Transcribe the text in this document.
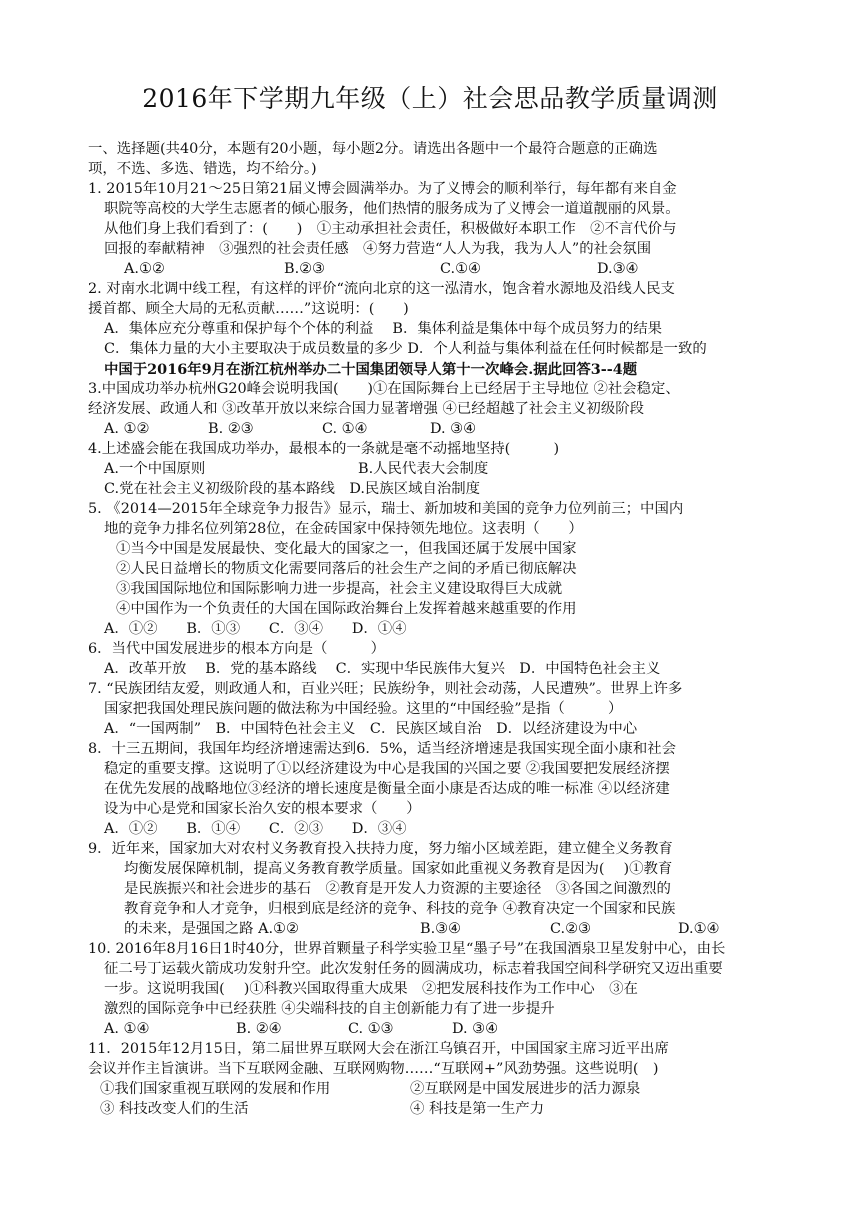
2016年下学期九年级（上）社会思品教学质量调测
一、选择题(共40分，本题有20小题，每小题2分。请选出各题中一个最符合题意的正确选
项，不选、多选、错选，均不给分。)
1. 2015年10月21～25日第21届义博会圆满举办。为了义博会的顺利举行，每年都有来自金
职院等高校的大学生志愿者的倾心服务，他们热情的服务成为了义博会一道道靓丽的风景。
从他们身上我们看到了：(　　)　①主动承担社会责任，积极做好本职工作　②不言代价与
回报的奉献精神　③强烈的社会责任感　④努力营造“人人为我，我为人人”的社会氛围
A.①②	B.②③	C.①④	D.③④
2. 对南水北调中线工程，有这样的评价“流向北京的这一泓清水，饱含着水源地及沿线人民支
援首都、顾全大局的无私贡献……”这说明：(　　)
A．集体应充分尊重和保护每个个体的利益　 B．集体利益是集体中每个成员努力的结果
C．集体力量的大小主要取决于成员数量的多少 D．个人利益与集体利益在任何时候都是一致的
中国于2016年9月在浙江杭州举办二十国集团领导人第十一次峰会.据此回答3--4题
3.中国成功举办杭州G20峰会说明我国(　　)①在国际舞台上已经居于主导地位 ②社会稳定、
经济发展、政通人和 ③改革开放以来综合国力显著增强 ④已经超越了社会主义初级阶段
A. ①②	B. ②③	C. ①④	D. ③④
4.上述盛会能在我国成功举办，最根本的一条就是毫不动摇地坚持(　　　)
A.一个中国原则	B.人民代表大会制度
C.党在社会主义初级阶段的基本路线　D.民族区域自治制度
5. 《2014—2015年全球竞争力报告》显示，瑞士、新加坡和美国的竞争力位列前三；中国内
地的竞争力排名位列第28位，在金砖国家中保持领先地位。这表明（　　）
①当今中国是发展最快、变化最大的国家之一，但我国还属于发展中国家
②人民日益增长的物质文化需要同落后的社会生产之间的矛盾已彻底解决
③我国国际地位和国际影响力进一步提高，社会主义建设取得巨大成就
④中国作为一个负责任的大国在国际政治舞台上发挥着越来越重要的作用
A．①②　　B．①③　　C．③④　　D．①④
6．当代中国发展进步的根本方向是（　　　）
A．改革开放　 B．党的基本路线　 C．实现中华民族伟大复兴　D．中国特色社会主义
7. “民族团结友爱，则政通人和，百业兴旺；民族纷争，则社会动荡，人民遭殃”。世界上许多
国家把我国处理民族问题的做法称为中国经验。这里的“中国经验”是指（　　　）
A．“一国两制”　B．中国特色社会主义　C．民族区域自治　D．以经济建设为中心
8．十三五期间，我国年均经济增速需达到6．5%，适当经济增速是我国实现全面小康和社会
稳定的重要支撑。这说明了①以经济建设为中心是我国的兴国之要 ②我国要把发展经济摆
在优先发展的战略地位③经济的增长速度是衡量全面小康是否达成的唯一标准 ④以经济建
设为中心是党和国家长治久安的根本要求（　　）
A．①②　　B．①④　　C．②③　　D．③④
9．近年来，国家加大对农村义务教育投入扶持力度，努力缩小区域差距，建立健全义务教育
均衡发展保障机制，提高义务教育教学质量。国家如此重视义务教育是因为(　 )①教育
是民族振兴和社会进步的基石　②教育是开发人力资源的主要途径　③各国之间激烈的
教育竞争和人才竞争，归根到底是经济的竞争、科技的竞争 ④教育决定一个国家和民族
的未来，是强国之路 A.①②	B.③④	C.②③	D.①④
10. 2016年8月16日1时40分，世界首颗量子科学实验卫星“墨子号”在我国酒泉卫星发射中心，由长
征二号丁运载火箭成功发射升空。此次发射任务的圆满成功，标志着我国空间科学研究又迈出重要
一步。这说明我国(　 )①科教兴国取得重大成果　②把发展科技作为工作中心　③在
激烈的国际竞争中已经获胜 ④尖端科技的自主创新能力有了进一步提升
A. ①④	B. ②④	C. ①③	D. ③④
11．2015年12月15日，第二届世界互联网大会在浙江乌镇召开，中国国家主席习近平出席
会议并作主旨演讲。当下互联网金融、互联网购物……“互联网+”风劲势强。这些说明(　)
①我们国家重视互联网的发展和作用	②互联网是中国发展进步的活力源泉
③ 科技改变人们的生活	④ 科技是第一生产力
